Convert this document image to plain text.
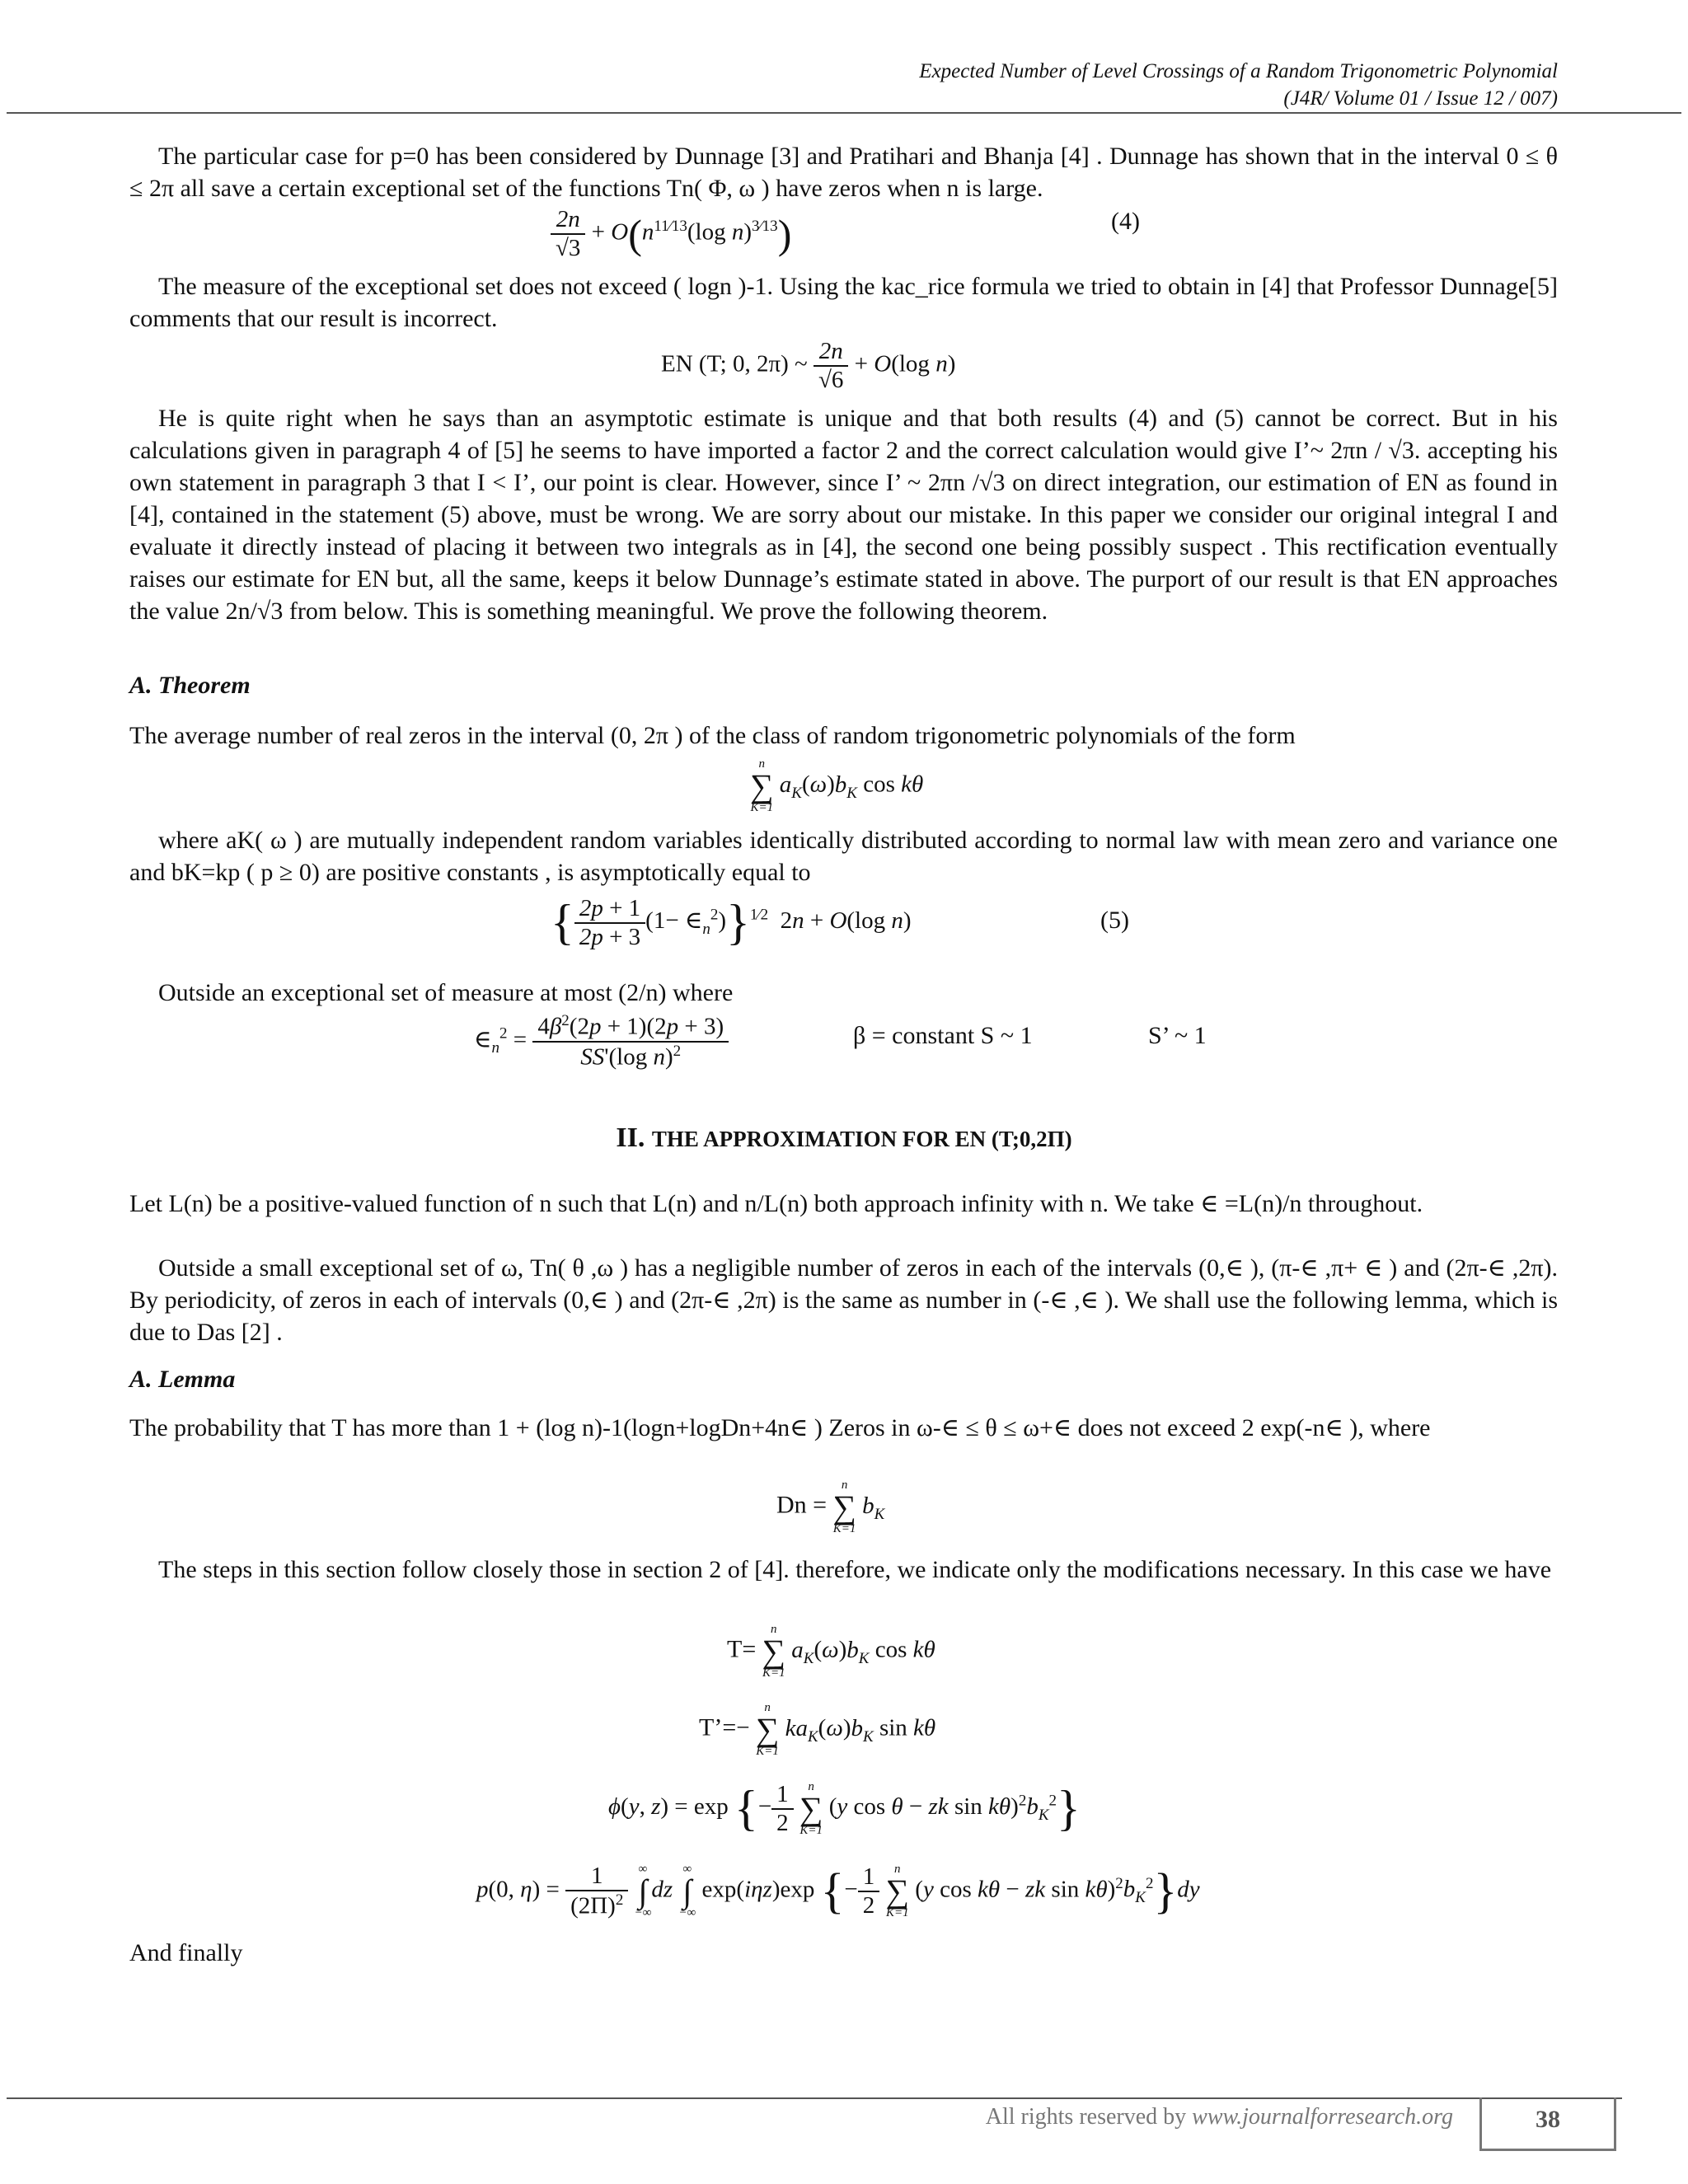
Expected Number of Level Crossings of a Random Trigonometric Polynomial
(J4R/ Volume 01 / Issue 12 / 007)
The particular case for p=0 has been considered by Dunnage [3] and Pratihari and Bhanja [4] . Dunnage has shown that in the interval 0 ≤ θ ≤ 2π all save a certain exceptional set of the functions Tn( Φ, ω ) have zeros when n is large.
$\frac{2n}{√3} + O(n^{11⁄13}(\log$ n)$^{3⁄13}$)	(4)
The measure of the exceptional set does not exceed ( logn )-1. Using the kac_rice formula we tried to obtain in [4] that Professor Dunnage[5] comments that our result is incorrect.
EN (T; 0, 2π) ~ $\frac{2n}{√6} + O(\log$ n)
He is quite right when he says than an asymptotic estimate is unique and that both results (4) and (5) cannot be correct. But in his calculations given in paragraph 4 of [5] he seems to have imported a factor 2 and the correct calculation would give I’~ 2πn / √3. accepting his own statement in paragraph 3 that I < I’, our point is clear. However, since I’ ~ 2πn /√3 on direct integration, our estimation of EN as found in [4], contained in the statement (5) above, must be wrong. We are sorry about our mistake. In this paper we consider our original integral I and evaluate it directly instead of placing it between two integrals as in [4], the second one being possibly suspect . This rectification eventually raises our estimate for EN but, all the same, keeps it below Dunnage’s estimate stated in above. The purport of our result is that EN approaches the value 2n/√3 from below. This is something meaningful. We prove the following theorem.
A. Theorem
The average number of real zeros in the interval (0, 2π ) of the class of random trigonometric polynomials of the form
n
∑
K=1
$a_K(\omega)b_K$ cos kθ
where aK( ω ) are mutually independent random variables identically distributed according to normal law with mean zero and variance one and bK=kp ( p ≥ 0) are positive constants , is asymptotically equal to
{ $\frac{2p + 1}{2p + 3} (1-$ $\in_n^2)\}^{1⁄2}$  2n + O(log n)	(5)
Outside an exceptional set of measure at most (2/n) where
$\in_n^2 = \frac{4\beta^2(2p + 1)(2p + 3)}{SS'(\log n)^2}$	β = constant S ~ 1	S’ ~ 1
II. THE APPROXIMATION FOR EN (T;0,2Π)
Let L(n) be a positive-valued function of n such that L(n) and n/L(n) both approach infinity with n. We take ∈ =L(n)/n throughout.
Outside a small exceptional set of ω, Tn( θ ,ω ) has a negligible number of zeros in each of the intervals (0,∈ ), (π-∈ ,π+ ∈ ) and (2π-∈ ,2π). By periodicity, of zeros in each of intervals (0,∈ ) and (2π-∈ ,2π) is the same as number in (-∈ ,∈ ). We shall use the following lemma, which is due to Das [2] .
A. Lemma
The probability that T has more than 1 + (log n)-1(logn+logDn+4n∈ ) Zeros in ω-∈ ≤ θ ≤ ω+∈ does not exceed 2 exp(-n∈ ), where
Dn =
n
∑
K=1
$b_K$
The steps in this section follow closely those in section 2 of [4]. therefore, we indicate only the modifications necessary. In this case we have
T=
n
∑
K=1
$a_K(\omega)b_K$ cos kθ
T’=−
n
∑
K=1
$ka_K(\omega)b_K$ sin kθ
ϕ(y, z) = exp {− $\frac{1}{2}$
	n
∑
K=1
(y cos θ − zk $\sin k\theta)^2b_K^2$}
p(0, $\eta) = \frac{1}{(2\Pi)^2}$
∞
∫
−∞
dz
∞
∫
−∞
exp(iηz)exp {− $\frac{1}{2}$
	n
∑
K=1
(y cos kθ − zk $\sin k\theta)^2b_K^2\}dy$
And finally
All rights reserved by www.journalforresearch.org	38
